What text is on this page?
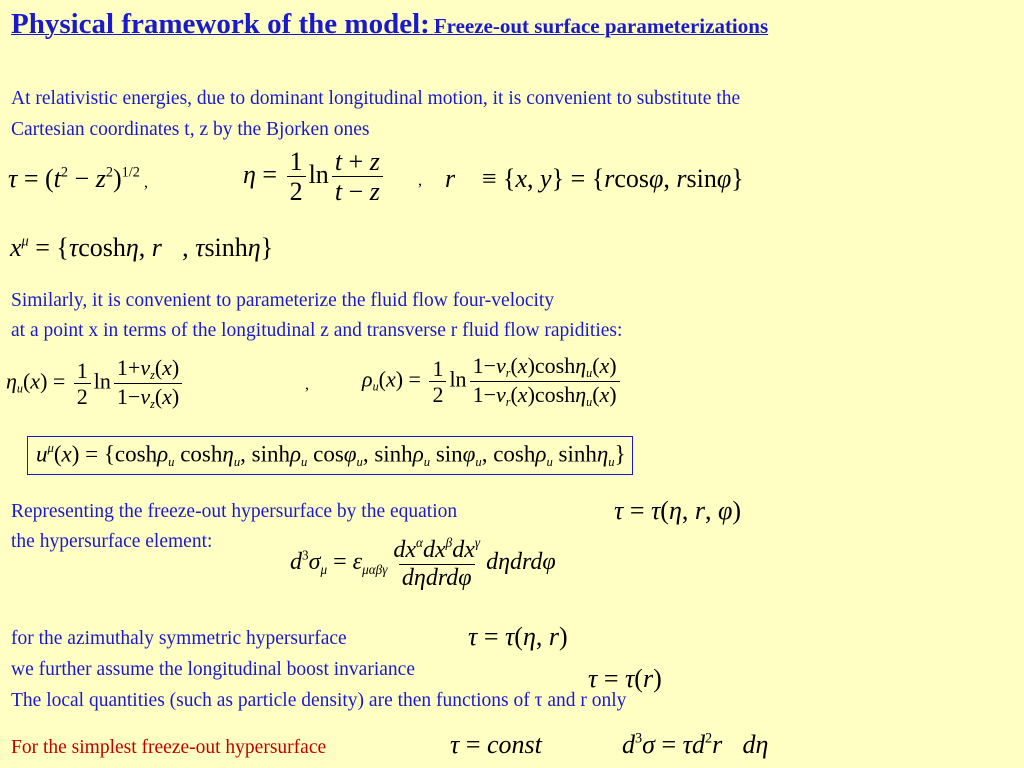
Physical framework of the model: Freeze-out surface parameterizations
At relativistic energies, due to dominant longitudinal motion, it is convenient to substitute the
Cartesian coordinates t, z by the Bjorken ones
$\tau = (t^2 - z^2)^{1/2}$ ,	$\eta = \frac{1}{2}$ $\ln \frac{t + z}{t - z}$ , r⃗ ≡ {x, y} = {rcosφ, rsinφ}
$x^\mu = \{\tau\cosh\eta$, r⃗, τsinhη}
Similarly, it is convenient to parameterize the fluid flow four-velocity
at a point x in terms of the longitudinal z and transverse r fluid flow rapidities:
$\eta_u(x) = \frac{1}{2}$ $\ln \frac{1+v_z(x)}{1-v_z(x)}$	, $\rho_u(x) = \frac{1}{2}$ $\ln \frac{1-v_r(x)\cosh\eta_u(x)}{1-v_r(x)\cosh\eta_u(x)}$
$u^\mu(x) = \{\cosh\rho_u$ coshη$_u$, sinhρ$_u$ cosφ$_u$, sinhρ$_u$ sinφ$_u$, coshρ$_u$ sinhη$_u$}
Representing the freeze-out hypersurface by the equation	τ = τ(η, r, φ)
the hypersurface element:
$d^3\sigma_\mu = \varepsilon_{\mu\alpha\beta\gamma} \frac{dx^\alpha dx^\beta dx^\gamma}{\text{dηdrdφ}}$ dηdrdφ
for the azimuthaly symmetric hypersurface	τ = τ(η, r)
we further assume the longitudinal boost invariance	τ = τ(r)
The local quantities (such as particle density) are then functions of τ and r only
For the simplest freeze-out hypersurface	τ = const	$d^3\sigma$ = $\tau d^2r⃗d\eta$
